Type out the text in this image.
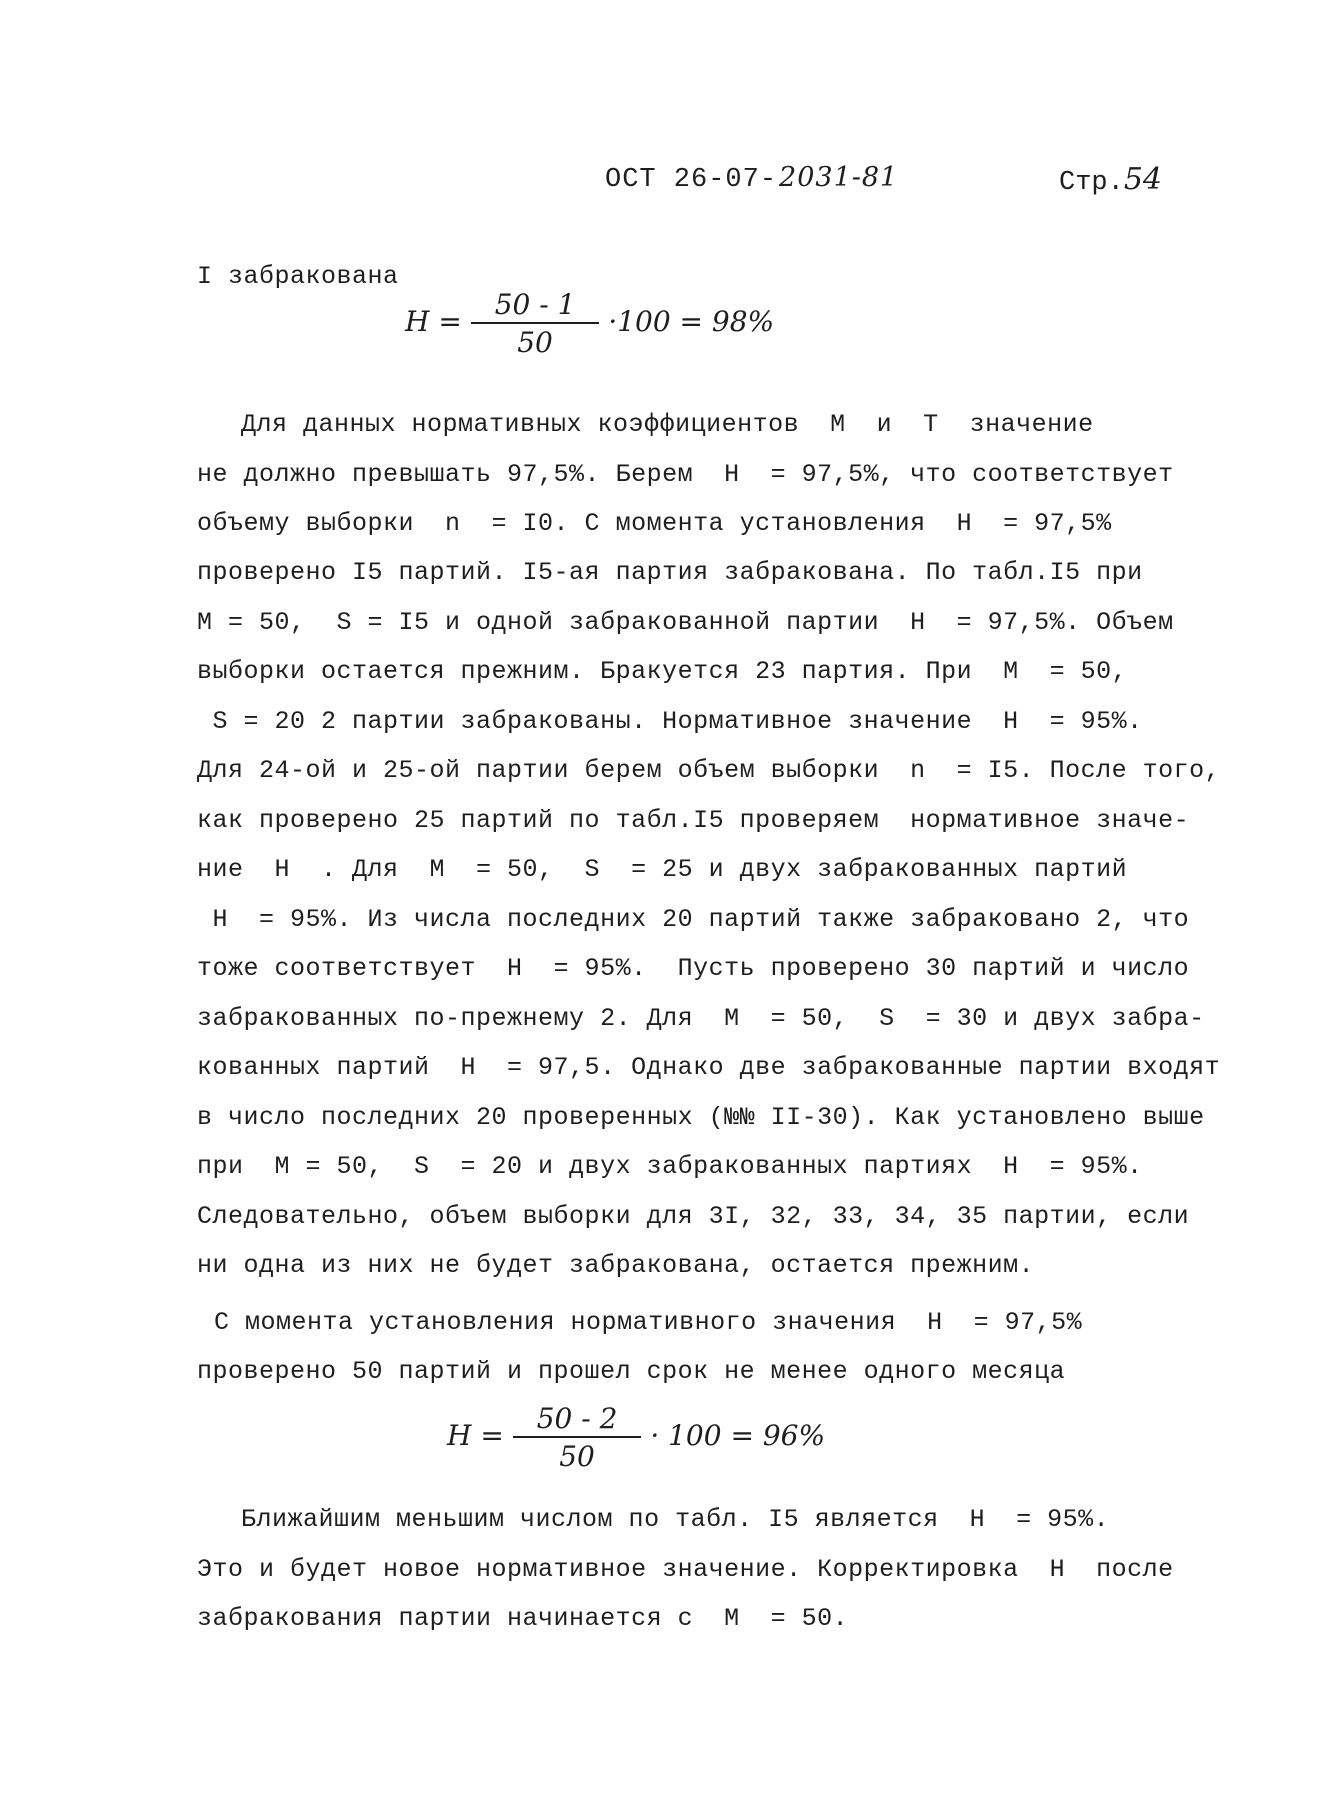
ОСТ 26-07-2031-81	Стр.54
I забракована
$H = \frac{50 - 1}{50} \cdot 100 = 98\%$
Для данных нормативных коэффициентов  M  и  T  значение
не должно превышать 97,5%. Берем  H  = 97,5%, что соответствует
объему выборки  n  = I0. С момента установления  H  = 97,5%
проверено I5 партий. I5-ая партия забракована. По табл.I5 при
M = 50,  S = I5 и одной забракованной партии  H  = 97,5%. Объем
выборки остается прежним. Бракуется 23 партия. При  M  = 50,
S = 20 2 партии забракованы. Нормативное значение  H  = 95%.
Для 24-ой и 25-ой партии берем объем выборки  n  = I5. После того,
как проверено 25 партий по табл.I5 проверяем  нормативное значе-
ние  H  . Для  M  = 50,  S  = 25 и двух забракованных партий
H  = 95%. Из числа последних 20 партий также забраковано 2, что
тоже соответствует  H  = 95%.  Пусть проверено 30 партий и число
забракованных по-прежнему 2. Для  M  = 50,  S  = 30 и двух забра-
кованных партий  H  = 97,5. Однако две забракованные партии входят
в число последних 20 проверенных (№№ II-30). Как установлено выше
при  M = 50,  S  = 20 и двух забракованных партиях  H  = 95%.
Следовательно, объем выборки для 3I, 32, 33, 34, 35 партии, если
ни одна из них не будет забракована, остается прежним.
С момента установления нормативного значения  H  = 97,5%
проверено 50 партий и прошел срок не менее одного месяца
$H = \frac{50 - 2}{50} \cdot 100 = 96\%$
Ближайшим меньшим числом по табл. I5 является  H  = 95%.
Это и будет новое нормативное значение. Корректировка  H  после
забракования партии начинается с  M  = 50.
